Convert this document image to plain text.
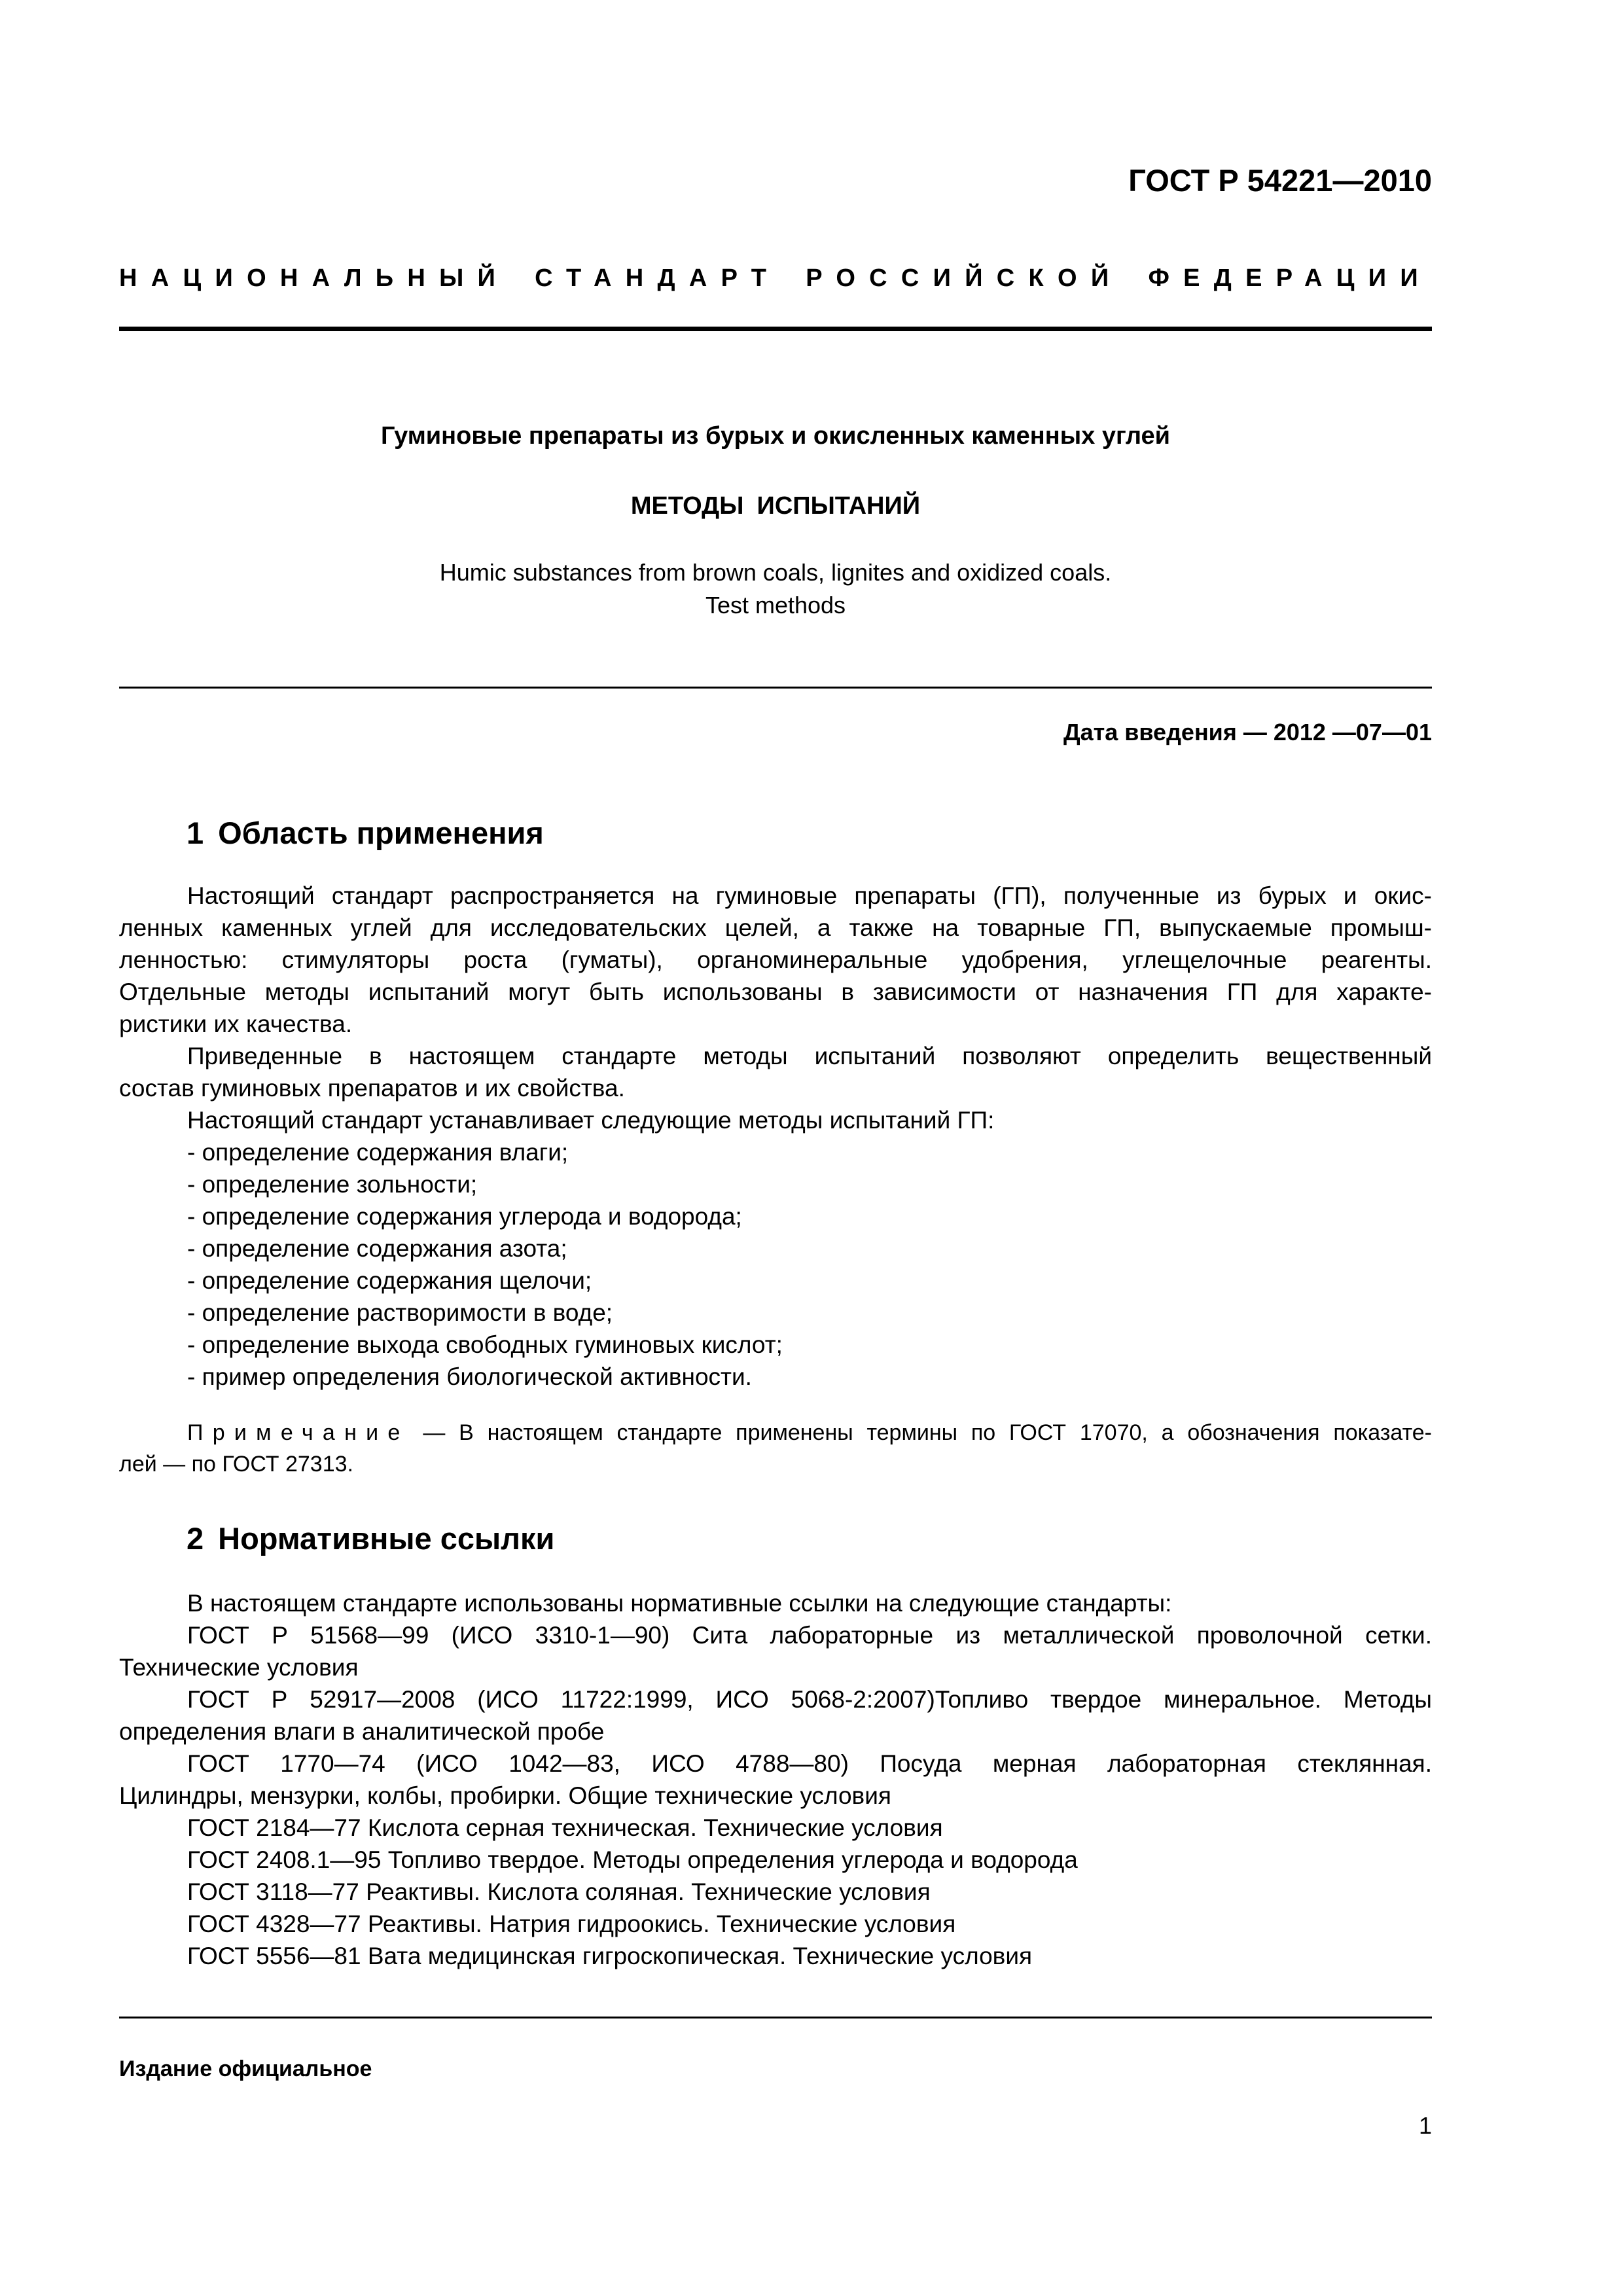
ГОСТ Р 54221—2010
НАЦИОНАЛЬНЫЙ СТАНДАРТ РОССИЙСКОЙ ФЕДЕРАЦИИ
Гуминовые препараты из бурых и окисленных каменных углей
МЕТОДЫ ИСПЫТАНИЙ
Humic substances from brown coals, lignites and oxidized coals.
Test methods
Дата введения — 2012 —07—01
1 Область применения

Настоящий стандарт распространяется на гуминовые препараты (ГП), полученные из бурых и окис-

ленных каменных углей для исследовательских целей, а также на товарные ГП, выпускаемые промыш-

ленностью: стимуляторы роста (гуматы), органоминеральные удобрения, углещелочные реагенты.

Отдельные методы испытаний могут быть использованы в зависимости от назначения ГП для характе-

ристики их качества.

Приведенные в настоящем стандарте методы испытаний позволяют определить вещественный

состав гуминовых препаратов и их свойства.

Настоящий стандарт устанавливает следующие методы испытаний ГП:

- определение содержания влаги;
- определение зольности;
- определение содержания углерода и водорода;
- определение содержания азота;
- определение содержания щелочи;
- определение растворимости в воде;
- определение выхода свободных гуминовых кислот;
- пример определения биологической активности.

Примечание — В настоящем стандарте применены термины по ГОСТ 17070, а обозначения показате-

лей — по ГОСТ 27313.

2 Нормативные ссылки

В настоящем стандарте использованы нормативные ссылки на следующие стандарты:

ГОСТ Р 51568—99 (ИСО 3310-1—90) Сита лабораторные из металлической проволочной сетки.

Технические условия

ГОСТ Р 52917—2008 (ИСО 11722:1999, ИСО 5068-2:2007)Топливо твердое минеральное. Методы

определения влаги в аналитической пробе

ГОСТ 1770—74 (ИСО 1042—83, ИСО 4788—80) Посуда мерная лабораторная стеклянная.

Цилиндры, мензурки, колбы, пробирки. Общие технические условия

ГОСТ 2184—77 Кислота серная техническая. Технические условия

ГОСТ 2408.1—95 Топливо твердое. Методы определения углерода и водорода

ГОСТ 3118—77 Реактивы. Кислота соляная. Технические условия

ГОСТ 4328—77 Реактивы. Натрия гидроокись. Технические условия

ГОСТ 5556—81 Вата медицинская гигроскопическая. Технические условия

Издание официальное
1
